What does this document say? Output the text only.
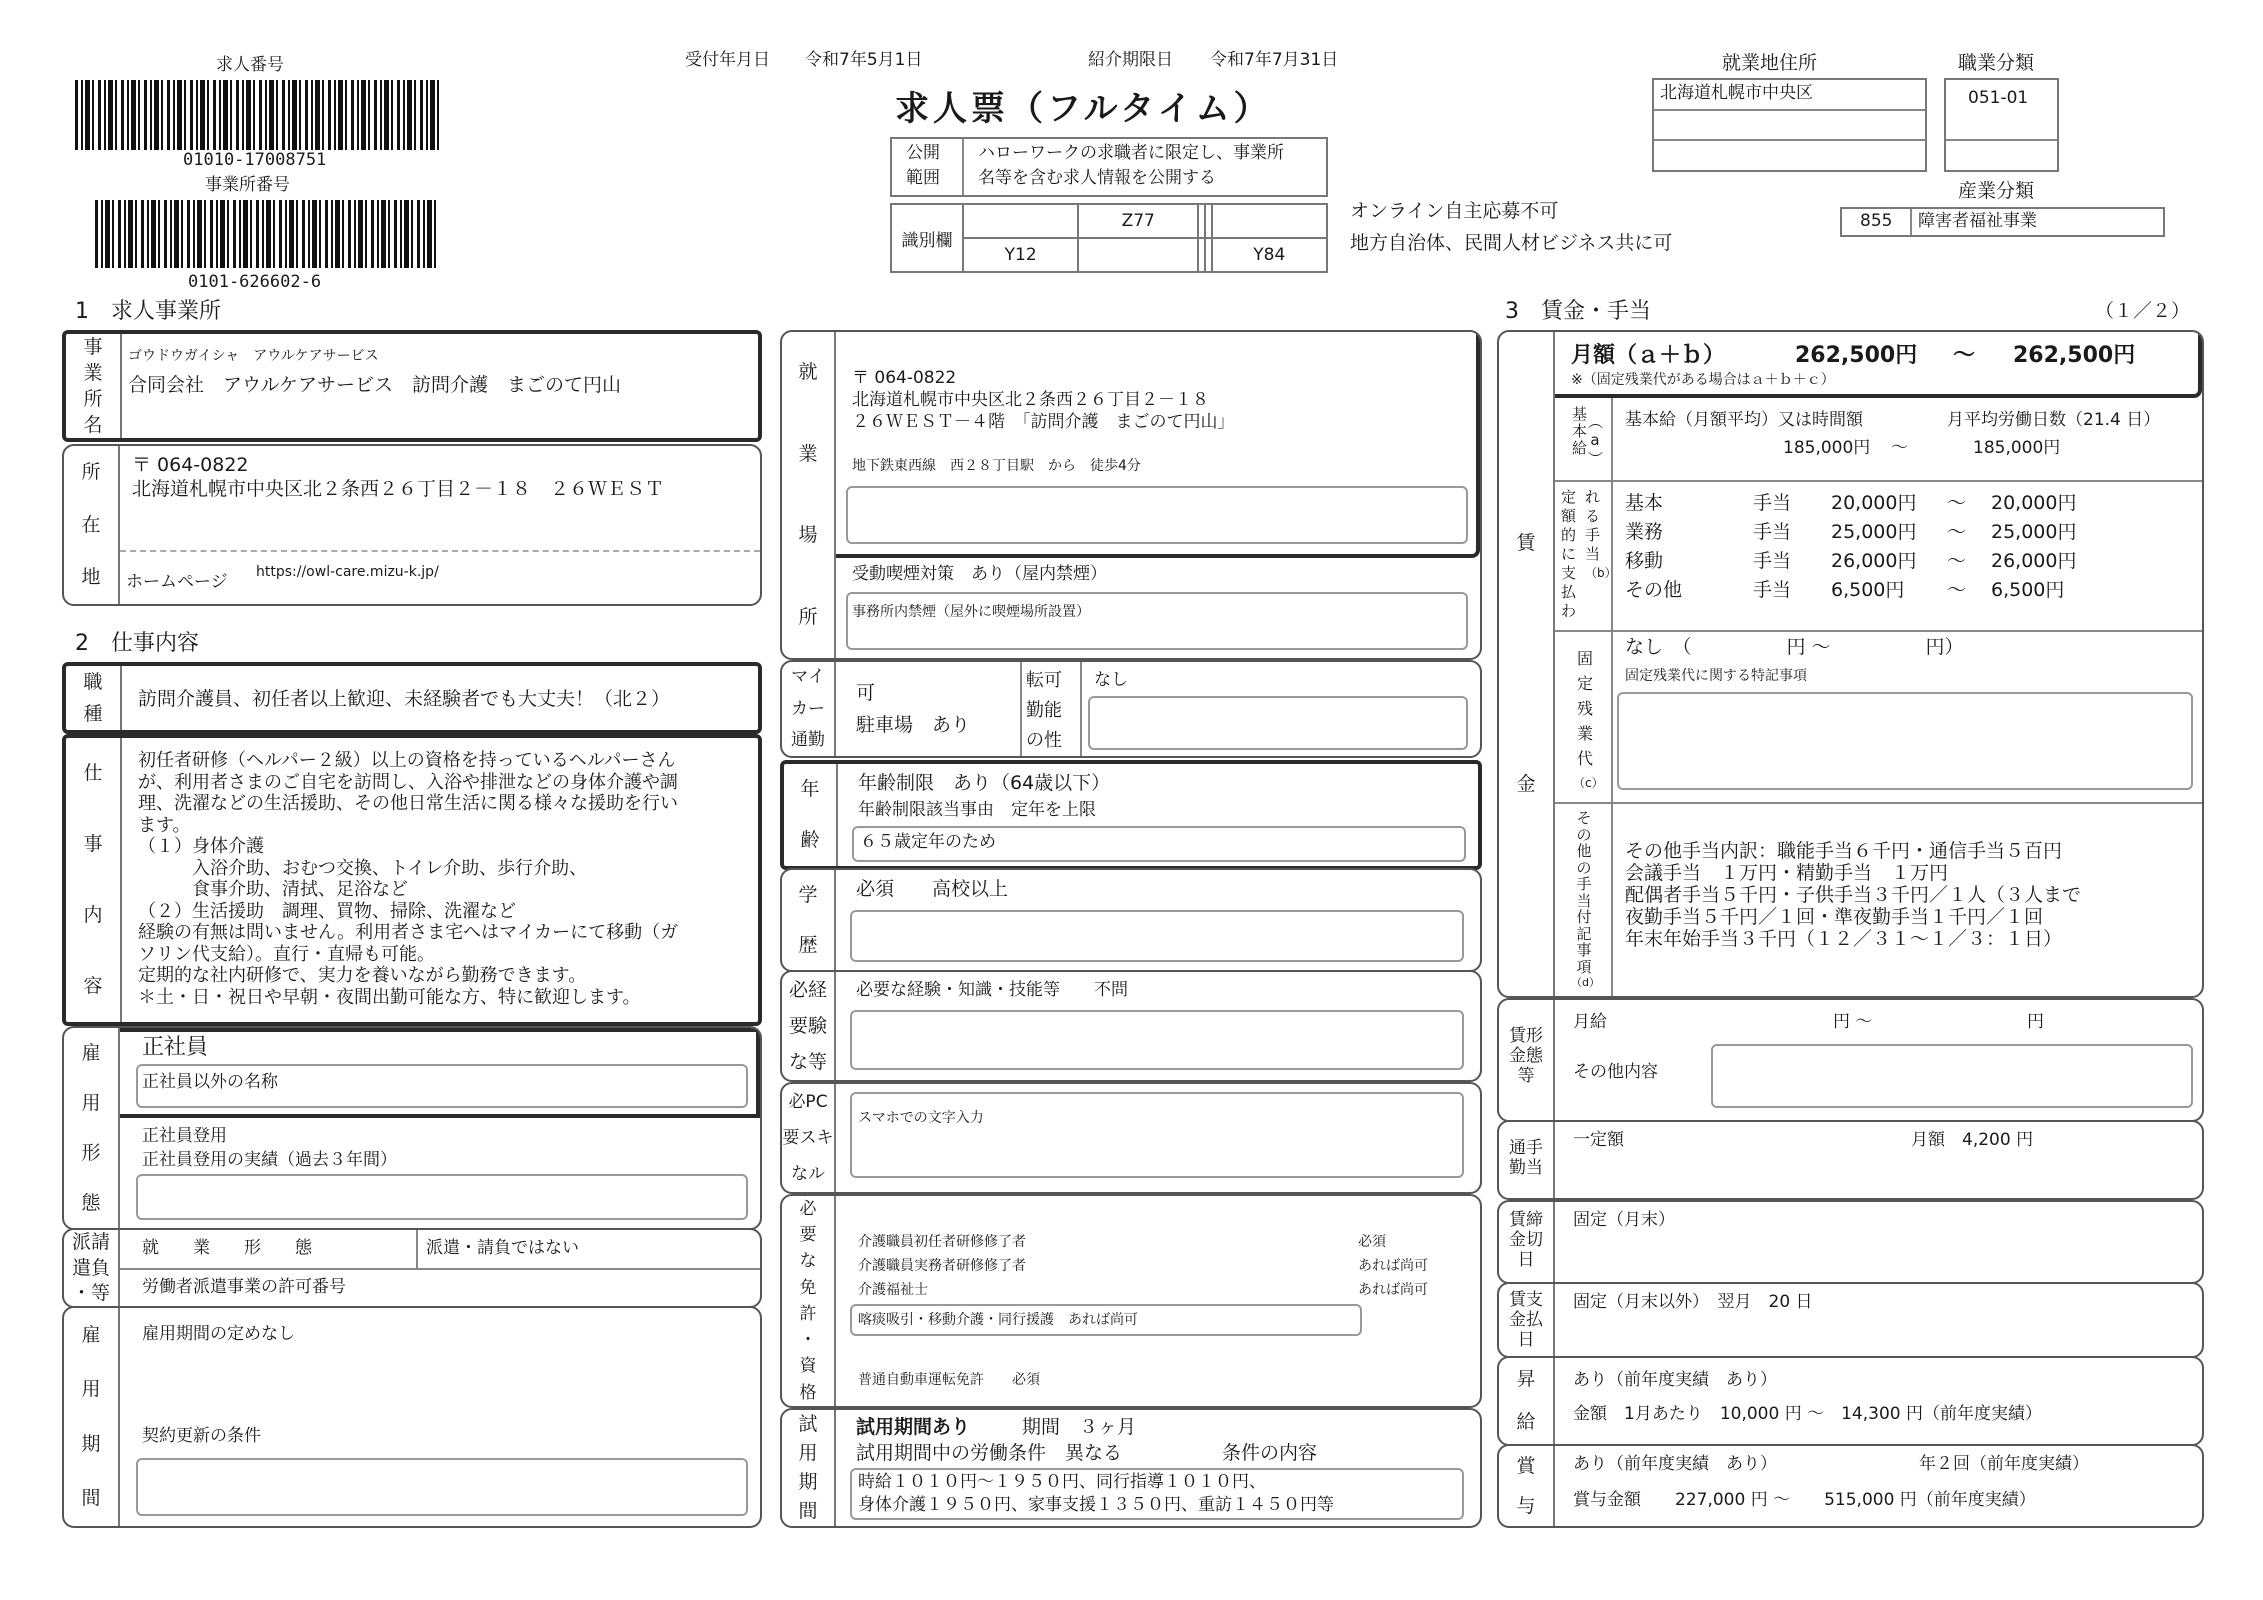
求人番号
01010-17008751
事業所番号
0101-626602-6
受付年月日 令和7年5月1日	紹介期限日 令和7年7月31日
求人票（フルタイム）
公開
範囲
ハローワークの求職者に限定し、事業所
名等を含む求人情報を公開する
識別欄		Z77			
	Y12				Y84
オンライン自主応募不可
地方自治体、民間人材ビジネス共に可
就業地住所
北海道札幌市中央区
職業分類
051-01
産業分類
855 障害者福祉事業
1　求人事業所
事
業
所
名
ゴウドウガイシャ　アウルケアサービス
合同会社　アウルケアサービス　訪問介護　まごのて円山
所
在
地
〒 064-0822
北海道札幌市中央区北２条西２６丁目２－１８　２６ＷＥＳＴ
ホームページ https://owl-care.mizu-k.jp/
2　仕事内容
職
種
訪問介護員、初任者以上歓迎、未経験者でも大丈夫！（北２）
仕
事
内
容
初任者研修（ヘルパー２級）以上の資格を持っているヘルパーさん
が、利用者さまのご自宅を訪問し、入浴や排泄などの身体介護や調
理、洗濯などの生活援助、その他日常生活に関る様々な援助を行い
ます。
（１）身体介護
　　　入浴介助、おむつ交換、トイレ介助、歩行介助、
　　　食事介助、清拭、足浴など
（２）生活援助　調理、買物、掃除、洗濯など
経験の有無は問いません。利用者さま宅へはマイカーにて移動（ガ
ソリン代支給）。直行・直帰も可能。
定期的な社内研修で、実力を養いながら勤務できます。
＊土・日・祝日や早朝・夜間出勤可能な方、特に歓迎します。
雇
用
形
態
正社員
正社員以外の名称
正社員登用
正社員登用の実績（過去３年間）
派請
遣負
・等
就　　業　　形　　態	派遣・請負ではない
労働者派遣事業の許可番号
雇
用
期
間
雇用期間の定めなし
契約更新の条件
就
業
場
所
〒 064-0822
北海道札幌市中央区北２条西２６丁目２－１８
２６ＷＥＳＴ－４階　「訪問介護　まごのて円山」
地下鉄東西線　西２８丁目駅　から　徒歩4分
受動喫煙対策　あり（屋内禁煙）
事務所内禁煙（屋外に喫煙場所設置）
マイ
カー
通勤
可
駐車場　あり
転可
勤能
の性
なし
年
齢
年齢制限　あり（64歳以下）
年齢制限該当事由　定年を上限
６５歳定年のため
学
歴
必須　　高校以上
必経
要験
な等
必要な経験・知識・技能等　　不問
必PC
要スキ
なル
スマホでの文字入力
必
要
な
免
許
・
資
格
介護職員初任者研修修了者	必須
介護職員実務者研修修了者	あれば尚可
介護福祉士	あれば尚可
喀痰吸引・移動介護・同行援護　あれば尚可
普通自動車運転免許　　必須
試
用
期
間
試用期間あり	期間　３ヶ月
試用期間中の労働条件　異なる	条件の内容
時給１０１０円～１９５０円、同行指導１０１０円、
身体介護１９５０円、家事支援１３５０円、重訪１４５０円等
3　賃金・手当	（１／２）
賃
金
月額（ａ＋ｂ）	262,500円 ～ 262,500円
※（固定残業代がある場合はａ＋ｂ＋ｃ）
基本給
（a） 基本給（月額平均）又は時間額	月平均労働日数（21.4 日）
185,000円 ～	185,000円
定
額
的
に
支
払
わ
れ
る
手
当
（b）
基本	手当 20,000円 ～ 20,000円
業務	手当 25,000円 ～ 25,000円
移動	手当 26,000円 ～ 26,000円
その他	手当 6,500円 ～ 6,500円
固
定
残
業
代
（c）
なし　（　　　　　円 ～　　　　　円）
固定残業代に関する特記事項
そ
の
他
の
手
当
付
記
事
項
（d）
その他手当内訳：職能手当６千円・通信手当５百円
会議手当　１万円・精勤手当　１万円
配偶者手当５千円・子供手当３千円／１人（３人まで
夜勤手当５千円／１回・準夜勤手当１千円／１回
年末年始手当３千円（１２／３１～１／３：１日）
賃形
金態
等
月給	円 ～	円
その他内容
通手
勤当
一定額	月額　4,200 円
賃締
金切
日
固定（月末）
賃支
金払
日
固定（月末以外）　翌月　20 日
昇
給
あり（前年度実績　あり）
金額　1月あたり　10,000 円 ～　14,300 円（前年度実績）
賞
与
あり（前年度実績　あり）	年２回（前年度実績）
賞与金額　　227,000 円 ～　　515,000 円（前年度実績）
